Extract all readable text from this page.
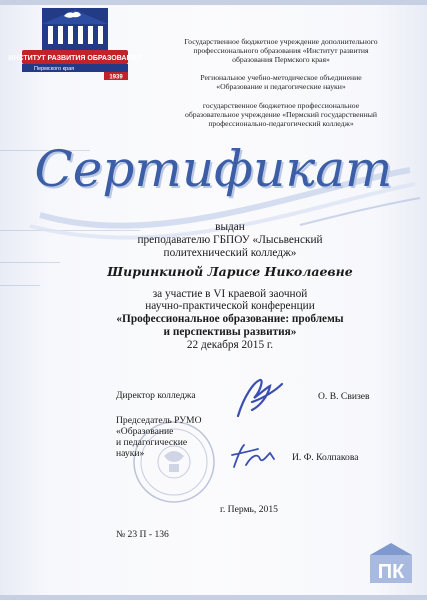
ИНСТИТУТ РАЗВИТИЯ ОБРАЗОВАНИЯ
Пермского края
1939
Государственное бюджетное учреждение дополнительного
профессионального образования «Институт развития
образования Пермского края»
Региональное учебно-методическое объединение
«Образование и педагогические науки»
государственное бюджетное профессиональное
образовательное учреждение «Пермский государственный
профессионально-педагогический колледж»
Сертификат
выдан
преподавателю ГБПОУ «Лысьвенский
политехнический колледж»
Ширинкиной Ларисе Николаевне
за участие в VI краевой заочной
научно-практической конференции
«Профессиональное образование: проблемы
и перспективы развития»
22 декабря 2015 г.
Директор колледжа	О. В. Свизев
Председатель РУМО
«Образование
и педагогические
науки»	И. Ф. Колпакова
г. Пермь, 2015
№ 23 П - 136
ПК
